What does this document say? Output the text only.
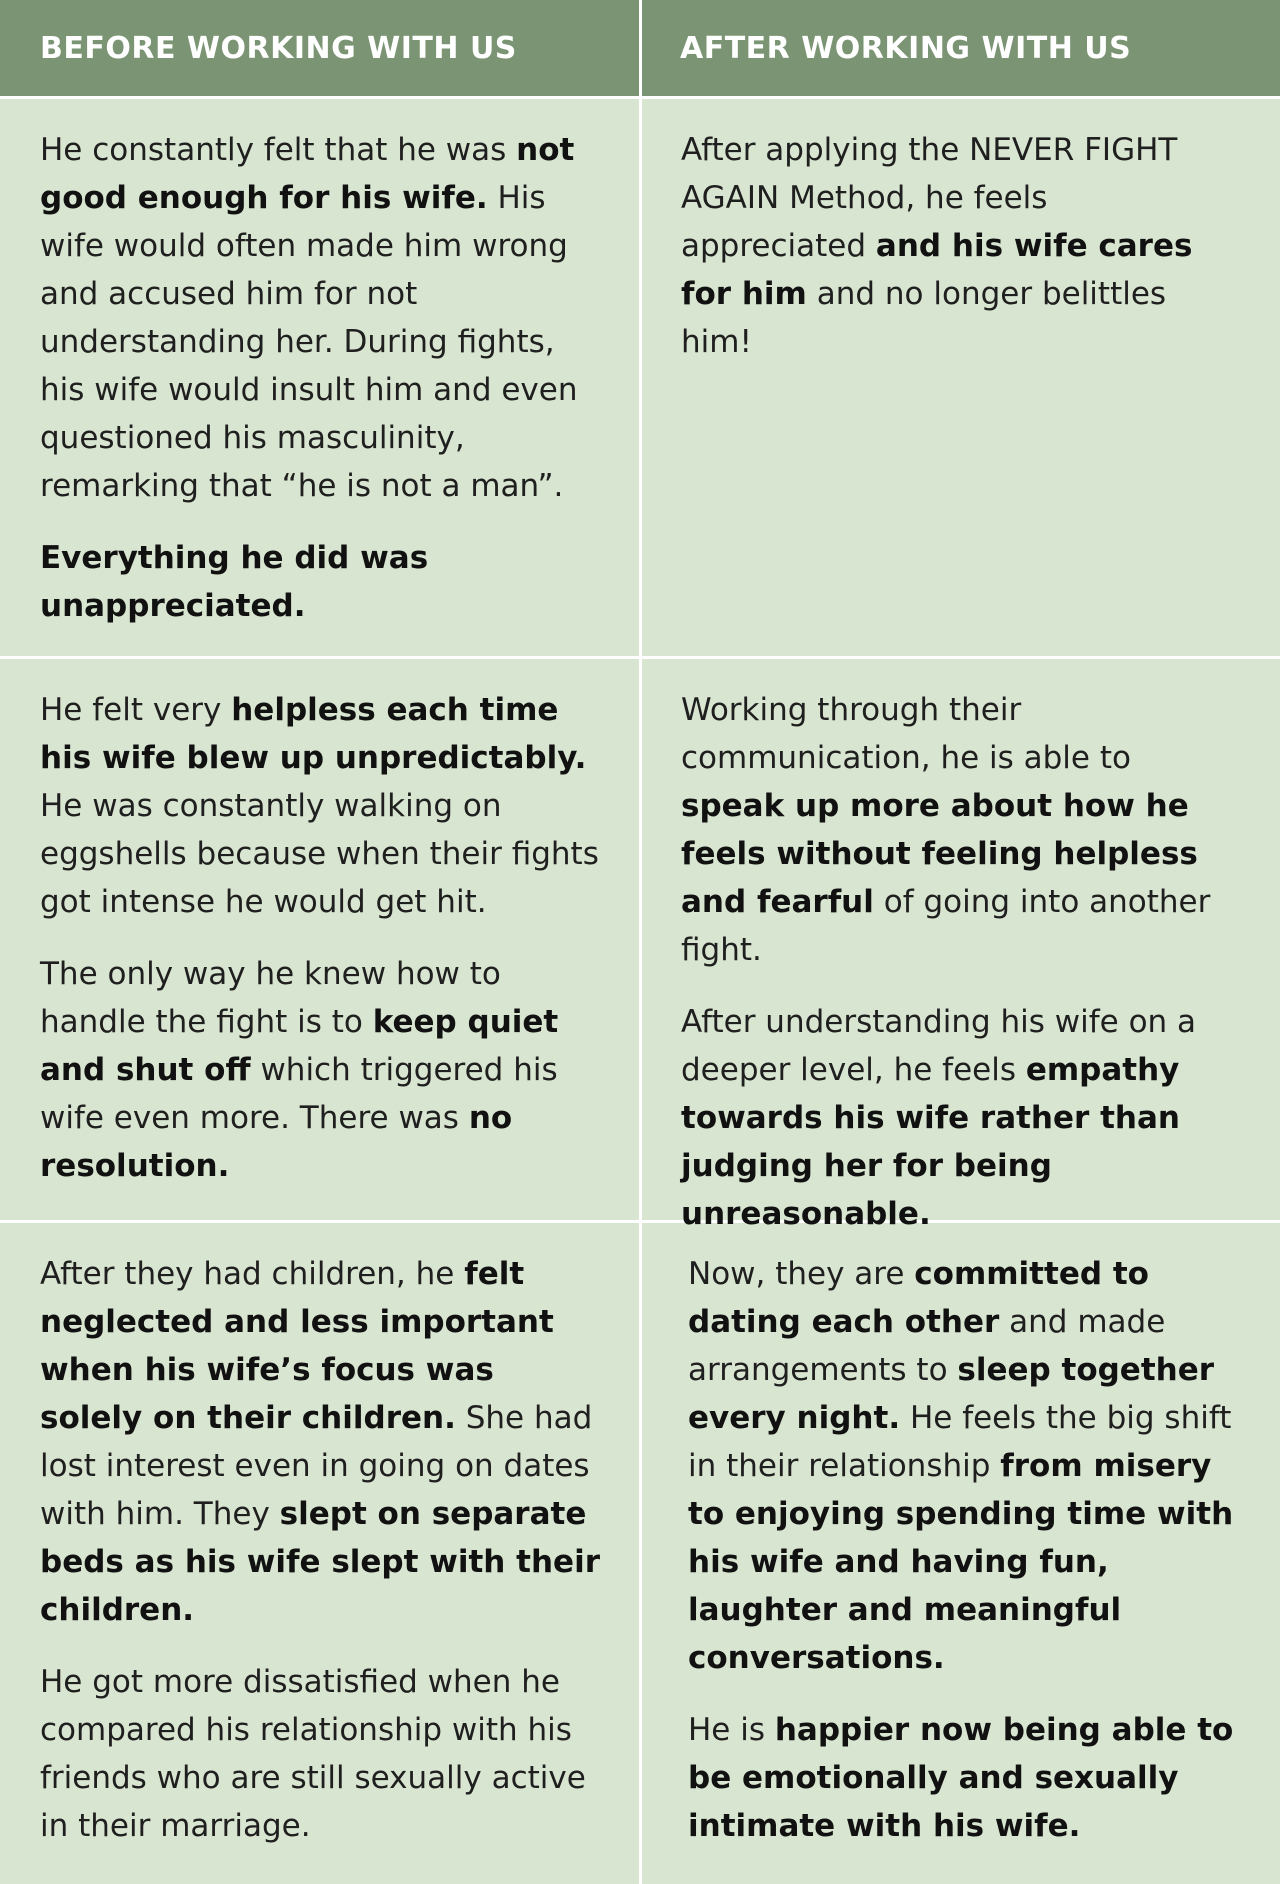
BEFORE WORKING WITH US	AFTER WORKING WITH US

He constantly felt that he was not good enough for his wife. His wife would often made him wrong and accused him for not understanding her. During fights, his wife would insult him and even questioned his masculinity, remarking that “he is not a man”.

Everything he did was unappreciated.

After applying the NEVER FIGHT AGAIN Method, he feels appreciated and his wife cares for him and no longer belittles him!

He felt very helpless each time his wife blew up unpredictably. He was constantly walking on eggshells because when their fights got intense he would get hit.

The only way he knew how to handle the fight is to keep quiet and shut off which triggered his wife even more. There was no resolution.

Working through their communication, he is able to speak up more about how he feels without feeling helpless and fearful of going into another fight.

After understanding his wife on a deeper level, he feels empathy towards his wife rather than judging her for being unreasonable.

After they had children, he felt neglected and less important when his wife’s focus was solely on their children. She had lost interest even in going on dates with him. They slept on separate beds as his wife slept with their children.

He got more dissatisfied when he compared his relationship with his friends who are still sexually active in their marriage.

Now, they are committed to dating each other and made arrangements to sleep together every night. He feels the big shift in their relationship from misery to enjoying spending time with his wife and having fun, laughter and meaningful conversations.

He is happier now being able to be emotionally and sexually intimate with his wife.
